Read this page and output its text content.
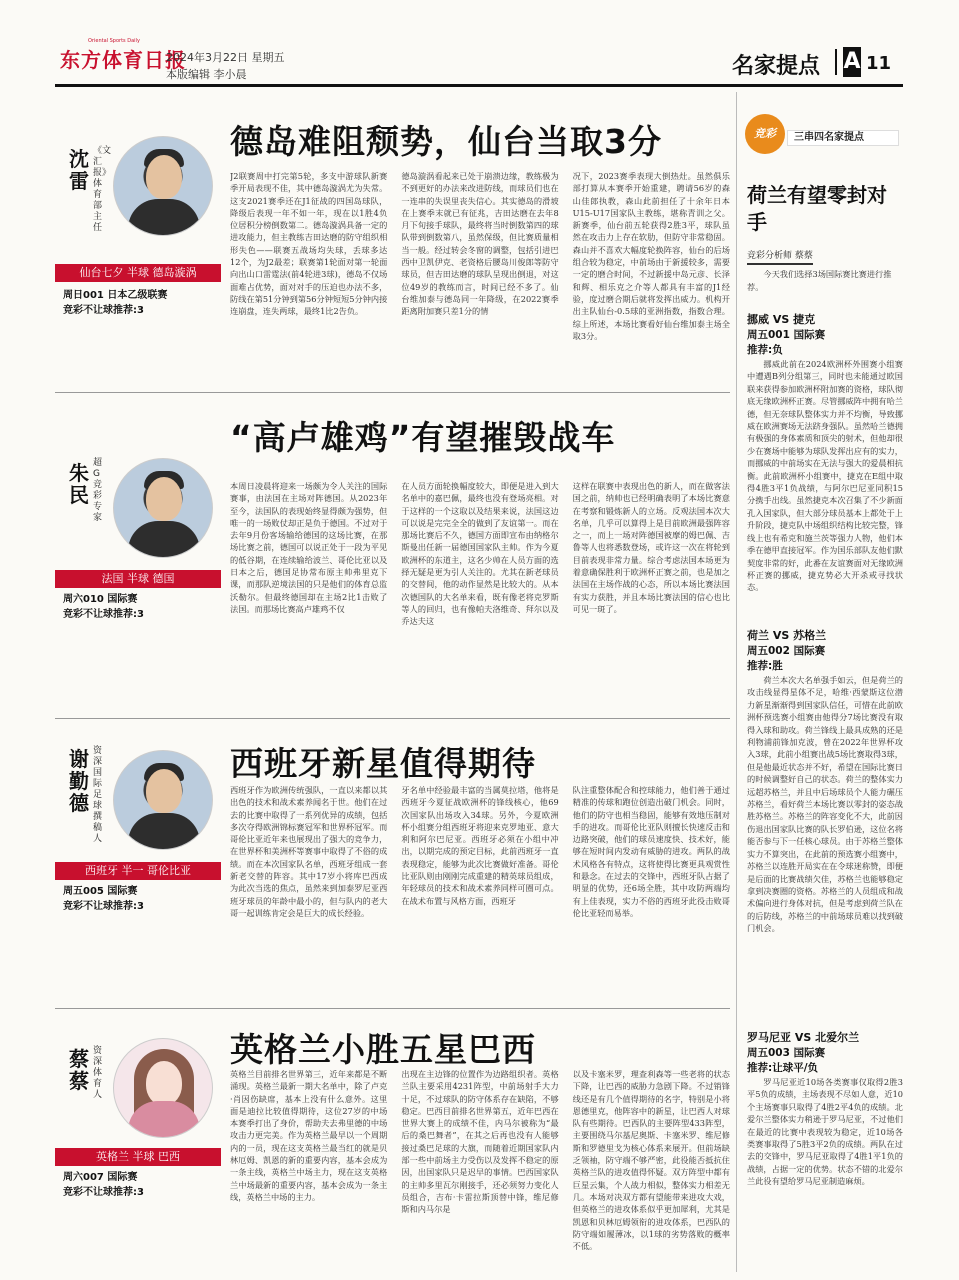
Oriental Sports Daily
东方体育日报
2024年3月22日 星期五
本版编辑 李小晨	名家提点 A 11
德岛难阻颓势，仙台当取3分
沈雷
《文汇报》体育部主任
仙台七夕 半球 德岛漩涡
周日001 日本乙级联赛
竞彩不让球推荐:3
J2联赛周中打完第5轮，多支中游球队新赛季开局表现不佳，其中德岛漩涡尤为失常。这支2021赛季还在J1征战的四国岛球队，降级后表现一年不如一年，现在以1胜4负位居积分榜倒数第二。德岛漩涡具备一定的进攻能力，但主教练吉田达磨的防守组织相形失色——联赛五战场均失球，丢球多达12个，为J2最差；联赛第1轮面对第一轮面向出山口雷霆法(前4轮进3球)，德岛不仅场面难占优势，面对对手的压迫也办法不多，防线在第51分钟到第56分钟短短5分钟内接连崩盘，连失两球，最终1比2告负。
德岛漩涡看起来已处于崩溃边缘，教练极为不到更好的办法来改进防线，而球员们也在一连串的失误里丧失信心。其实德岛的滑坡在上赛季末就已有征兆，吉田达磨在去年8月下旬接手球队，最终将当时倒数第四的球队带到倒数第八，虽然保级，但比赛质量相当一般。经过转会冬窗的调整，包括引进巴西中卫凯伊克、老资格后腰岛川俊郎等防守球员，但吉田达磨的球队呈现出倒退，对这位49岁的教练而言，时间已经不多了。仙台维加泰与德岛同一年降级，在2022赛季距离附加赛只差1分的情
况下，2023赛季表现大倒热灶。虽然俱乐部打算从本赛季开始重建，聘请56岁的森山佳郎执教，森山此前担任了十余年日本U15-U17国家队主教练，堪称青训之父。新赛季，仙台前五轮获得2胜3平，球队虽然在攻击力上存在软肋，但防守非常稳固。森山并不喜欢大幅度轮换阵容，仙台的后场组合较为稳定，中前场由于新援较多，需要一定的磨合时间，不过新援中岛元彦、长泽和辉、相乐克之介等人都具有丰富的J1经验，度过磨合期后就将发挥出威力。机构开出主队仙台-0.5球的亚洲指数，指数合理。综上所述，本场比赛看好仙台维加泰主场全取3分。
“高卢雄鸡”有望摧毁战车
朱民
超G竞彩专家
法国 半球 德国
周六010 国际赛
竞彩不让球推荐:3
本周日凌晨将迎来一场颇为令人关注的国际赛事，由法国在主场对阵德国。从2023年至今，法国队的表现始终显得颇为强势，但唯一的一场败仗却正是负于德国。不过对于去年9月份客场输给德国的这场比赛，在那场比赛之前，德国可以说正处于一段为平见的低谷期，在连续输给波兰、哥伦比亚以及日本之后，德国足协常布原主帅弗里克下课，而那队逆境法国的只是他们的体育总监沃勒尔。但最终德国却在主场2比1击败了法国。而那场比赛高卢雄鸡不仅
在人员方面轮换幅度较大，即便是进入到大名单中的嘉巴佩，最终也没有登场亮相。对于这样的一个这取以及结果来说，法国这边可以说是完完全全的做到了友谊第一。而在那场比赛后不久，德国方面即宣布由纳格尔斯曼出任新一届德国国家队主帅。作为今夏欧洲杯的东道主，这名少帅在人员方面的选择无疑是更为引人关注的。尤其在新老球员的交替间，他的动作显然是比较大的。从本次德国队的大名单来看，既有像老将克罗斯等人的回归，也有像帕夫洛维奇、拜尔以及乔达夫这
这样在联赛中表现出色的新人，而在做客法国之前，纳帅也已经明确表明了本场比赛意在考察和锻炼新人的立场。反观法国本次大名单，几乎可以算得上是目前欧洲最强阵容之一，而上一场对阵德国被摩的姆巴佩、吉鲁等人也将悉数登场，或许这一次在将轮到目前表现非常力量。综合考虑法国本场更为着意确保胜利于欧洲杯正赛之前，也是加之法国在主场作战的心态，所以本场比赛法国有实力获胜，并且本场比赛法国的信心也比可见一斑了。
西班牙新星值得期待
谢勤德
资深国际足球撰稿人
西班牙 半一 哥伦比亚
周五005 国际赛
竞彩不让球推荐:3
西班牙作为欧洲传统强队，一直以来都以其出色的技术和战术素养闻名于世。他们在过去的比赛中取得了一系列优异的成绩，包括多次夺得欧洲锦标赛冠军和世界杯冠军。而哥伦比亚近年来也展现出了强大的竞争力，在世界杯和美洲杯等赛事中取得了不俗的成绩。而在本次国家队名单，西班牙组成一套新老交替的阵容。其中17岁小将库巴西成为此次当选的焦点，虽然来到加泰罗尼亚西班牙球员的年龄中最小的，但与队内的老大哥一起训练肯定会是巨大的成长经验。
牙名单中经验最丰富的当属莫拉塔，他将是西班牙今夏征战欧洲杯的锋线核心，他69次国家队出场攻入34球。另外，今夏欧洲杯小组赛分组西班牙将迎来克罗地亚、意大利和阿尔巴尼亚。西班牙必须在小组中冲出，以期完成的预定目标，此前西班牙一直表现稳定，能够为此次比赛做好准备。哥伦比亚队则由刚刚完成重建的精英球员组成，年轻球员的技术和战术素养同样可圈可点。在战术布置与风格方面，西班牙
队注重整体配合和控球能力，他们善于通过精准的传球和跑位创造出破门机会。同时，他们的防守也相当稳固，能够有效地压制对手的进攻。而哥伦比亚队则擅长快速反击和边路突破，他们的球员速度快、技术好，能够在短时间内发动有威胁的进攻。两队的战术风格各有特点，这将使得比赛更具观赏性和悬念。在过去的交锋中，西班牙队占据了明显的优势，还6场全胜，其中攻防两端均有上佳表现，实力不俗的西班牙此役击败哥伦比亚轻而易举。
英格兰小胜五星巴西
蔡蔡
资深体育人
英格兰 半球 巴西
周六007 国际赛
竞彩不让球推荐:3
英格兰目前排名世界第三，近年来都是不断涌现。英格兰最新一期大名单中，除了卢克·肖因伤缺席，基本上没有什么意外。这里面是迪拉比较值得期待，这位27岁的中场本赛季打出了身价，帮助夫去弗里德的中场攻击力更完美。作为英格兰最早以一个周期内的一员，现在这支英格兰最当红的就是贝林厄姆、凯恩的新的重要内容，基本会成为一条主线，英格兰中场主力，现在这支英格兰中场最新的重要内容，基本会成为一条主线，英格兰中场的主力。
出现在主边锋的位置作为边路组织者。英格兰队主要采用4231阵型，中前场射手大力十足，不过球队的防守体系存在缺陷，不够稳定。巴西目前排名世界第五，近年巴西在世界大赛上的成绩不佳，内马尔被称为“最后的桑巴舞者”，在其之后再也没有人能够接过桑巴足球的大旗，而随着近期国家队内部一些中前场主力受伤以及发挥不稳定的原因，出国家队只是迟早的事情。巴西国家队的主帅多里瓦尔刚接手，还必须努力变化人员组合，吉布·卡雷拉斯顶替中锋，维尼修斯和内马尔是
以及卡塞米罗，理查利森等一些老将的状态下降，让巴西的威胁力急剧下降。不过销锋线还是有几个值得期待的名字，特别是小将恩德里克，他阵容中的新星，让巴西人对球队有些期待。巴西队的主要阵型433阵型，主要围绕马尔基尼奥斯、卡塞米罗、维尼修斯和罗德里戈为核心体系来展开。但前场缺乏领袖，防守端不够严密，此役能否抵抗住英格兰队的进攻值得怀疑。双方阵型中都有巨星云集，个人战力相似，整体实力相差无几。本场对决双方都有望能带来进攻大戏，但英格兰的进攻体系似乎更加犀利，尤其是凯恩和贝林厄姆领衔的进攻体系，巴西队的防守端如履薄冰，以1球的劣势落败的概率不低。
竞彩	三串四名家提点
荷兰有望零封对手
竞彩分析师 蔡蔡
今天我们选择3场国际赛比赛进行推荐。
挪威 VS 捷克
周五001 国际赛
推荐:负

挪威此前在2024欧洲杯外围赛小组赛中遭遇B列分组第三，同时也未能通过欧国联来获得参加欧洲杯附加赛的资格，球队彻底无缘欧洲杯正赛。尽管挪威阵中拥有哈兰德，但无奈球队整体实力并不均衡，导致挪威在欧洲赛场无法跻身强队。虽然哈兰德拥有极强的身体素质和顶尖的射术，但他却很少在赛场中能够为球队发挥出应有的实力，而挪威的中前场实在无法与强大的爱晨相抗衡。此前欧洲杯小组赛中，捷克在E组中取得4胜3平1负战绩，与阿尔巴尼亚同积15分携手出线。虽然捷克本次召集了不少新面孔入国家队，但大部分球员基本上都处于上升阶段，捷克队中场组织结构比较完整，锋线上也有希克和施兰茨等强力人物，他们本季在德甲直接冠军。作为国乐部队友他们默契度非常的好，此番在友谊赛面对无缘欧洲杯正赛的挪威，捷克势必大开杀戒寻找状态。

荷兰 VS 苏格兰
周五002 国际赛
推荐:胜

荷兰本次大名单强手如云，但是荷兰的攻击线显得星体不足，哈维·西蒙斯这位潜力新星渐渐得到国家队信任，可惜在此前欧洲杯预选赛小组赛由他得分7场比赛没有取得入球和助攻。荷兰锋线上最具成熟的还是利物浦前锋加克波，曾在2022年世界杯攻入3球，此前小组赛出战5场比赛取得3球，但是他最近状态并不好，希望在国际比赛日的时候调整好自己的状态。荷兰的整体实力远超苏格兰，并且中后场球员个人能力碾压苏格兰，看好荷兰本场比赛以零封的姿态战胜苏格兰。苏格兰的阵容变化不大，此前因伤退出国家队比赛的队长罗伯逊，这位名将能否参与下一任核心球员。由于苏格兰整体实力不算突出，在此前的预选赛小组赛中，苏格兰以连胜开局实在在令球迷称赞，即便是后面的比赛战绩欠佳，苏格兰也能够稳定拿到决赛圈的资格。苏格兰的人员组成和战术偏向进行身体对抗，但是考虑到荷兰队在的后防线，苏格兰的中前场球员难以找到破门机会。

罗马尼亚 VS 北爱尔兰
周五003 国际赛
推荐:让球平/负

罗马尼亚近10场各类赛事仅取得2胜3平5负的成绩，主场表现不尽如人意，近10个主场赛事只取得了4胜2平4负的成绩。北爱尔兰整体实力稍逊于罗马尼亚，不过他们在最近的比赛中表现较为稳定，近10场各类赛事取得了5胜3平2负的成绩。两队在过去的交锋中，罗马尼亚取得了4胜1平1负的战绩，占据一定的优势。状态不错的北爱尔兰此役有望给罗马尼亚制造麻烦。
